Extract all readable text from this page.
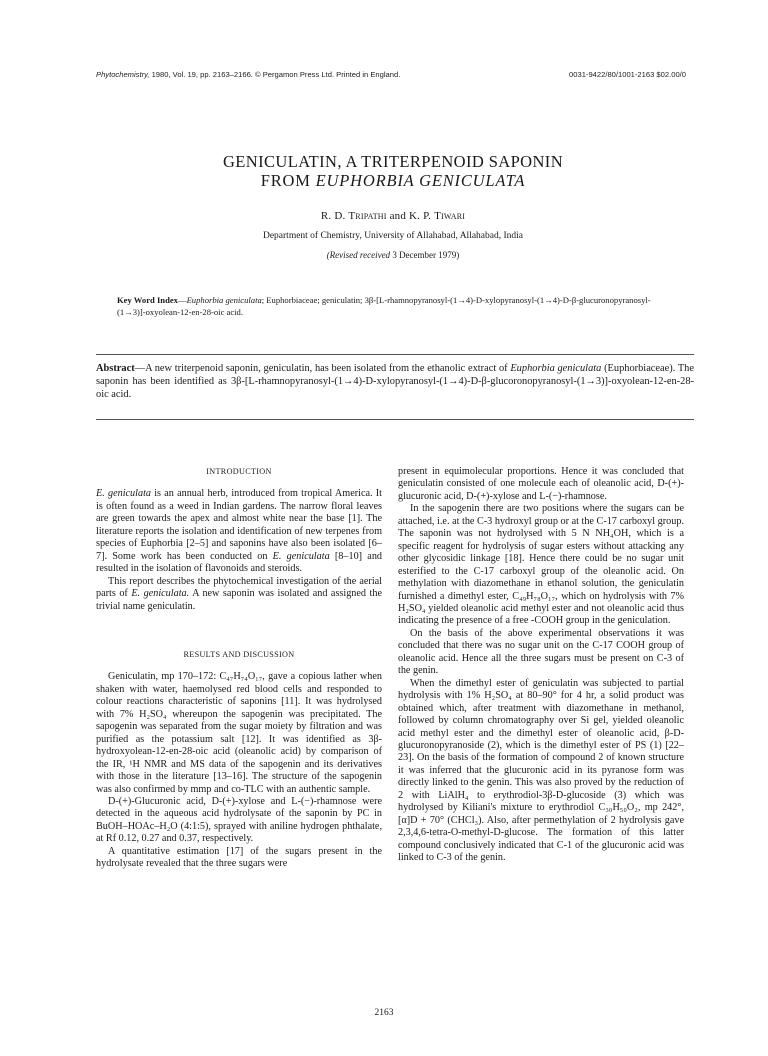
Phytochemistry, 1980, Vol. 19, pp. 2163–2166. © Pergamon Press Ltd. Printed in England.	0031-9422/80/1001-2163 $02.00/0
GENICULATIN, A TRITERPENOID SAPONIN
FROM EUPHORBIA GENICULATA
R. D. Tripathi and K. P. Tiwari
Department of Chemistry, University of Allahabad, Allahabad, India
(Revised received 3 December 1979)
Key Word Index—Euphorbia geniculata; Euphorbiaceae; geniculatin; 3β-[L-rhamnopyranosyl-(1→4)-D-xylopyranosyl-(1→4)-D-β-glucuronopyranosyl-(1→3)]-oxyolean-12-en-28-oic acid.
Abstract—A new triterpenoid saponin, geniculatin, has been isolated from the ethanolic extract of Euphorbia geniculata (Euphorbiaceae). The saponin has been identified as 3β-[L-rhamnopyranosyl-(1→4)-D-xylopyranosyl-(1→4)-D-β-glucoronopyranosyl-(1→3)]-oxyolean-12-en-28-oic acid.
INTRODUCTION

E. geniculata is an annual herb, introduced from tropical America. It is often found as a weed in Indian gardens. The narrow floral leaves are green towards the apex and almost white near the base [1]. The literature reports the isolation and identification of new terpenes from species of Euphorbia [2–5] and saponins have also been isolated [6–7]. Some work has been conducted on E. geniculata [8–10] and resulted in the isolation of flavonoids and steroids.

This report describes the phytochemical investigation of the aerial parts of E. geniculata. A new saponin was isolated and assigned the trivial name geniculatin.

RESULTS AND DISCUSSION

Geniculatin, mp 170–172: C₄₇H₇₄O₁₇, gave a copious lather when shaken with water, haemolysed red blood cells and responded to colour reactions characteristic of saponins [11]. It was hydrolysed with 7% H₂SO₄ whereupon the sapogenin was precipitated. The sapogenin was separated from the sugar moiety by filtration and was purified as the potassium salt [12]. It was identified as 3β-hydroxyolean-12-en-28-oic acid (oleanolic acid) by comparison of the IR, ¹H NMR and MS data of the sapogenin and its derivatives with those in the literature [13–16]. The structure of the sapogenin was also confirmed by mmp and co-TLC with an authentic sample.

D-(+)-Glucuronic acid, D-(+)-xylose and L-(−)-rhamnose were detected in the aqueous acid hydrolysate of the saponin by PC in BuOH–HOAc–H₂O (4:1:5), sprayed with aniline hydrogen phthalate, at Rf 0.12, 0.27 and 0.37, respectively.

A quantitative estimation [17] of the sugars present in the hydrolysate revealed that the three sugars were

present in equimolecular proportions. Hence it was concluded that geniculatin consisted of one molecule each of oleanolic acid, D-(+)-glucuronic acid, D-(+)-xylose and L-(−)-rhamnose.

In the sapogenin there are two positions where the sugars can be attached, i.e. at the C-3 hydroxyl group or at the C-17 carboxyl group. The saponin was not hydrolysed with 5 N NH₄OH, which is a specific reagent for hydrolysis of sugar esters without attacking any other glycosidic linkage [18]. Hence there could be no sugar unit esterified to the C-17 carboxyl group of the oleanolic acid. On methylation with diazomethane in ethanol solution, the geniculatin furnished a dimethyl ester, C₄₉H₇₈O₁₇, which on hydrolysis with 7% H₂SO₄ yielded oleanolic acid methyl ester and not oleanolic acid thus indicating the presence of a free -COOH group in the geniculation.

On the basis of the above experimental observations it was concluded that there was no sugar unit on the C-17 COOH group of oleanolic acid. Hence all the three sugars must be present on C-3 of the genin.

When the dimethyl ester of geniculatin was subjected to partial hydrolysis with 1% H₂SO₄ at 80–90° for 4 hr, a solid product was obtained which, after treatment with diazomethane in methanol, followed by column chromatography over Si gel, yielded oleanolic acid methyl ester and the dimethyl ester of oleanolic acid, β-D-glucuronopyranoside (2), which is the dimethyl ester of PS (1) [22–23]. On the basis of the formation of compound 2 of known structure it was inferred that the glucuronic acid in its pyranose form was directly linked to the genin. This was also proved by the reduction of 2 with LiAlH₄ to erythrodiol-3β-D-glucoside (3) which was hydrolysed by Kiliani's mixture to erythrodiol C₃₀H₅₀O₂, mp 242°, [α]D + 70° (CHCl₃). Also, after permethylation of 2 hydrolysis gave 2,3,4,6-tetra-O-methyl-D-glucose. The formation of this latter compound conclusively indicated that C-1 of the glucuronic acid was linked to C-3 of the genin.

2163
